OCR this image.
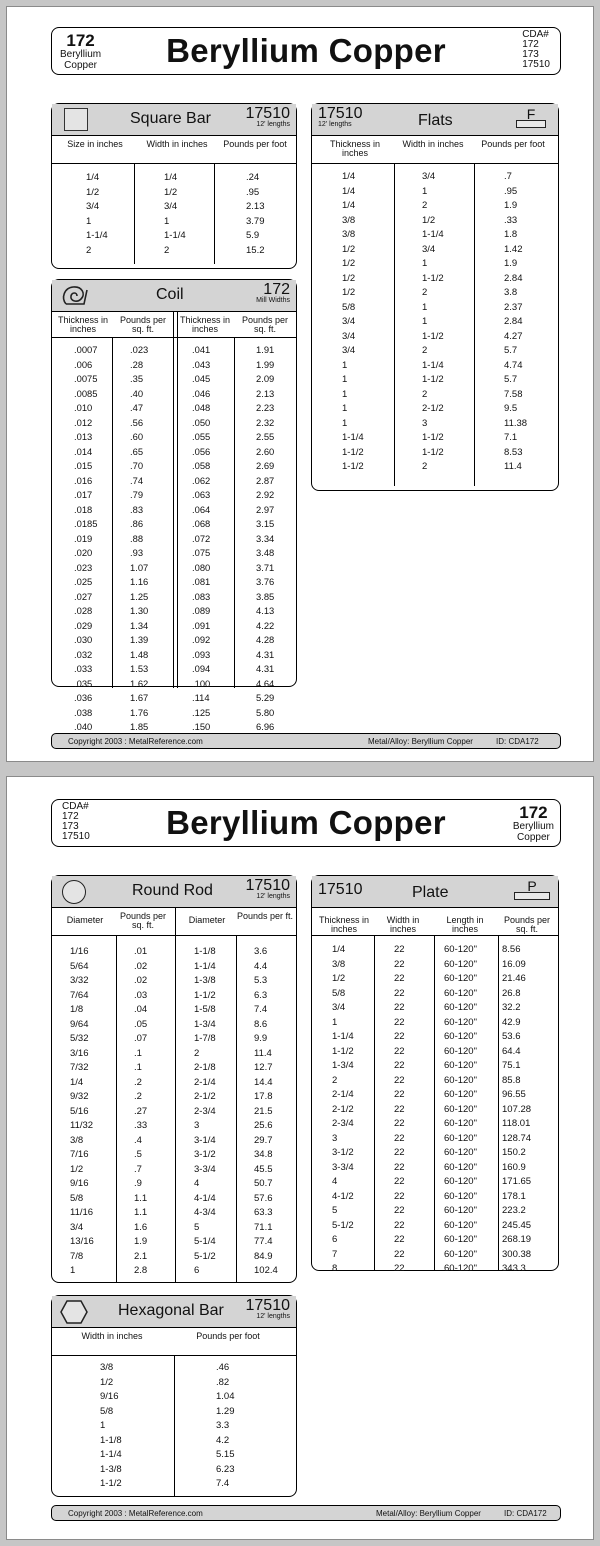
172
Beryllium
Copper	Beryllium Copper	CDA#
172
173
17510
Square Bar 17510
12' lengths
Size in inches	Width in inches	Pounds per foot
1/4	1/4	.24
1/2	1/2	.95
3/4	3/4	2.13
1	1	3.79
1-1/4	1-1/4	5.9
2	2	15.2
Coil	172
Mill Widths
Thickness in inches
Pounds per sq. ft.
Thickness in inches
Pounds per sq. ft.
.0007	.023	.041	1.91
.006	.28	.043	1.99
.0075	.35	.045	2.09
.0085	.40	.046	2.13
.010	.47	.048	2.23
.012	.56	.050	2.32
.013	.60	.055	2.55
.014	.65	.056	2.60
.015	.70	.058	2.69
.016	.74	.062	2.87
.017	.79	.063	2.92
.018	.83	.064	2.97
.0185	.86	.068	3.15
.019	.88	.072	3.34
.020	.93	.075	3.48
.023	1.07	.080	3.71
.025	1.16	.081	3.76
.027	1.25	.083	3.85
.028	1.30	.089	4.13
.029	1.34	.091	4.22
.030	1.39	.092	4.28
.032	1.48	.093	4.31
.033	1.53	.094	4.31
.035	1.62	.100	4.64
.036	1.67	.114	5.29
.038	1.76	.125	5.80
.040	1.85	.150	6.96
17510
12' lengths	Flats	F
Thickness in inches
Width in inches	Pounds per foot
1/4	3/4	.7
1/4	1	.95
1/4	2	1.9
3/8	1/2	.33
3/8	1-1/4	1.8
1/2	3/4	1.42
1/2	1	1.9
1/2	1-1/2	2.84
1/2	2	3.8
5/8	1	2.37
3/4	1	2.84
3/4	1-1/2	4.27
3/4	2	5.7
1	1-1/4	4.74
1	1-1/2	5.7
1	2	7.58
1	2-1/2	9.5
1	3	11.38
1-1/4	1-1/2	7.1
1-1/2	1-1/2	8.53
1-1/2	2	11.4
Copyright 2003 : MetalReference.com	Metal/Alloy: Beryllium Copper	ID: CDA172
CDA#
172
173
17510	Beryllium Copper	172
Beryllium
Copper
Round Rod 17510
12' lengths
Diameter	Pounds per sq. ft.	Diameter	Pounds per ft.
1/16	.01	1-1/8	3.6
5/64	.02	1-1/4	4.4
3/32	.02	1-3/8	5.3
7/64	.03	1-1/2	6.3
1/8	.04	1-5/8	7.4
9/64	.05	1-3/4	8.6
5/32	.07	1-7/8	9.9
3/16	.1	2	11.4
7/32	.1	2-1/8	12.7
1/4	.2	2-1/4	14.4
9/32	.2	2-1/2	17.8
5/16	.27	2-3/4	21.5
11/32	.33	3	25.6
3/8	.4	3-1/4	29.7
7/16	.5	3-1/2	34.8
1/2	.7	3-3/4	45.5
9/16	.9	4	50.7
5/8	1.1	4-1/4	57.6
11/16	1.1	4-3/4	63.3
3/4	1.6	5	71.1
13/16	1.9	5-1/4	77.4
7/8	2.1	5-1/2	84.9
1	2.8	6	102.4
17510	Plate	P
Thickness in inches
Width in inches
Length in inches
Pounds per sq. ft.
1/4	22	60-120"	8.56
3/8	22	60-120"	16.09
1/2	22	60-120"	21.46
5/8	22	60-120"	26.8
3/4	22	60-120"	32.2
1	22	60-120"	42.9
1-1/4	22	60-120"	53.6
1-1/2	22	60-120"	64.4
1-3/4	22	60-120"	75.1
2	22	60-120"	85.8
2-1/4	22	60-120"	96.55
2-1/2	22	60-120"	107.28
2-3/4	22	60-120"	118.01
3	22	60-120"	128.74
3-1/2	22	60-120"	150.2
3-3/4	22	60-120"	160.9
4	22	60-120"	171.65
4-1/2	22	60-120"	178.1
5	22	60-120"	223.2
5-1/2	22	60-120"	245.45
6	22	60-120"	268.19
7	22	60-120"	300.38
8	22	60-120"	343.3
Hexagonal Bar 17510
12' lengths
Width in inches	Pounds per foot
3/8	.46
1/2	.82
9/16	1.04
5/8	1.29
1	3.3
1-1/8	4.2
1-1/4	5.15
1-3/8	6.23
1-1/2	7.4
Copyright 2003 : MetalReference.com	Metal/Alloy: Beryllium Copper	ID: CDA172
